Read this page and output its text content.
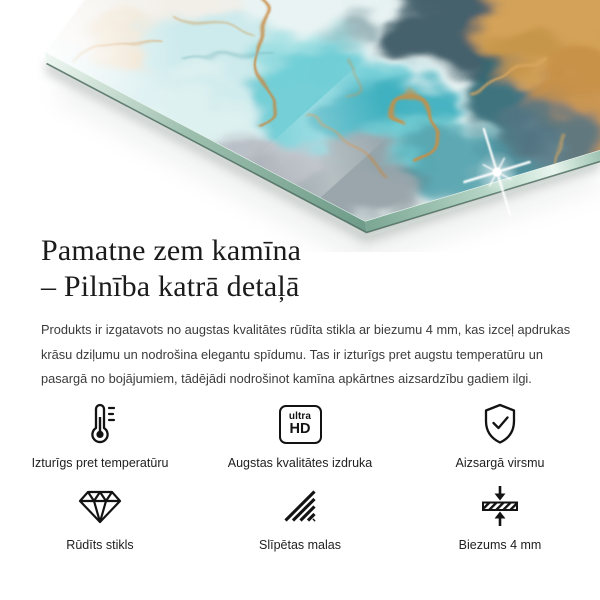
Pamatne zem kamīna
– Pilnība katrā detaļā

Produkts ir izgatavots no augstas kvalitātes rūdīta stikla ar biezumu 4 mm, kas izceļ apdrukas krāsu dziļumu un nodrošina elegantu spīdumu. Tas ir izturīgs pret augstu temperatūru un pasargā no bojājumiem, tādējādi nodrošinot kamīna apkārtnes aizsardzību gadiem ilgi.

Izturīgs pret temperatūru
ultra
HD
Augstas kvalitātes izdruka	Aizsargā virsmu
Rūdīts stikls	Slīpētas malas	Biezums 4 mm
